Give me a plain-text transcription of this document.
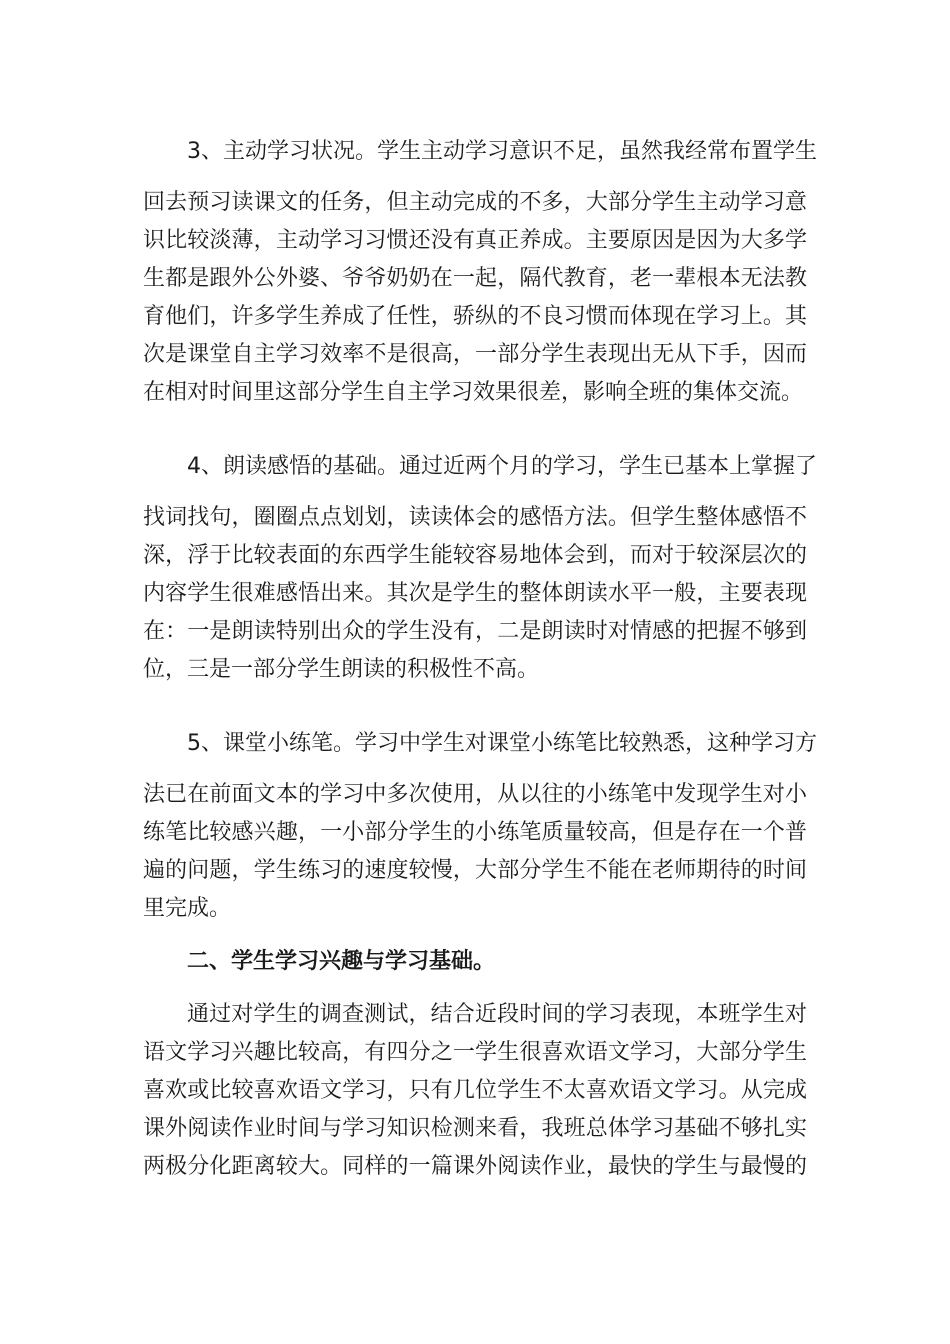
3、主动学习状况。学生主动学习意识不足，虽然我经常布置学生
回去预习读课文的任务，但主动完成的不多，大部分学生主动学习意
识比较淡薄，主动学习习惯还没有真正养成。主要原因是因为大多学
生都是跟外公外婆、爷爷奶奶在一起，隔代教育，老一辈根本无法教
育他们，许多学生养成了任性，骄纵的不良习惯而体现在学习上。其
次是课堂自主学习效率不是很高，一部分学生表现出无从下手，因而
在相对时间里这部分学生自主学习效果很差，影响全班的集体交流。
4、朗读感悟的基础。通过近两个月的学习，学生已基本上掌握了
找词找句，圈圈点点划划，读读体会的感悟方法。但学生整体感悟不
深，浮于比较表面的东西学生能较容易地体会到，而对于较深层次的
内容学生很难感悟出来。其次是学生的整体朗读水平一般，主要表现
在：一是朗读特别出众的学生没有，二是朗读时对情感的把握不够到
位，三是一部分学生朗读的积极性不高。
5、课堂小练笔。学习中学生对课堂小练笔比较熟悉，这种学习方
法已在前面文本的学习中多次使用，从以往的小练笔中发现学生对小
练笔比较感兴趣，一小部分学生的小练笔质量较高，但是存在一个普
遍的问题，学生练习的速度较慢，大部分学生不能在老师期待的时间
里完成。
二、学生学习兴趣与学习基础。
通过对学生的调查测试，结合近段时间的学习表现，本班学生对
语文学习兴趣比较高，有四分之一学生很喜欢语文学习，大部分学生
喜欢或比较喜欢语文学习，只有几位学生不太喜欢语文学习。从完成
课外阅读作业时间与学习知识检测来看，我班总体学习基础不够扎实
两极分化距离较大。同样的一篇课外阅读作业，最快的学生与最慢的
